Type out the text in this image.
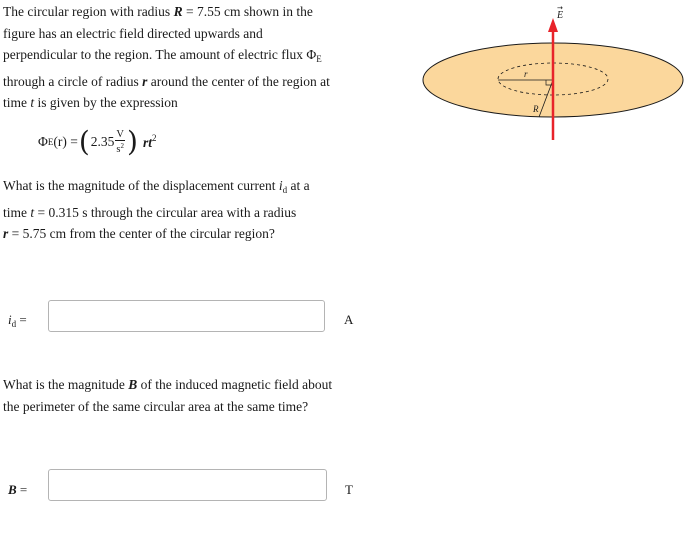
The circular region with radius R = 7.55 cm shown in the

figure has an electric field directed upwards and

perpendicular to the region. The amount of electric flux $\Phi_E$

through a circle of radius r around the center of the region at

time t is given by the expression

Φ E (r) = ( $2.35 \frac{V}{s^2}$ ) $rt^2$

What is the magnitude of the displacement current $i_d$ at a

time t = 0.315 s through the circular area with a radius

r = 5.75 cm from the center of the circular region?

$i_d$ =	A

What is the magnitude B of the induced magnetic field about

the perimeter of the same circular area at the same time?

B =	T
r
R
E
→
